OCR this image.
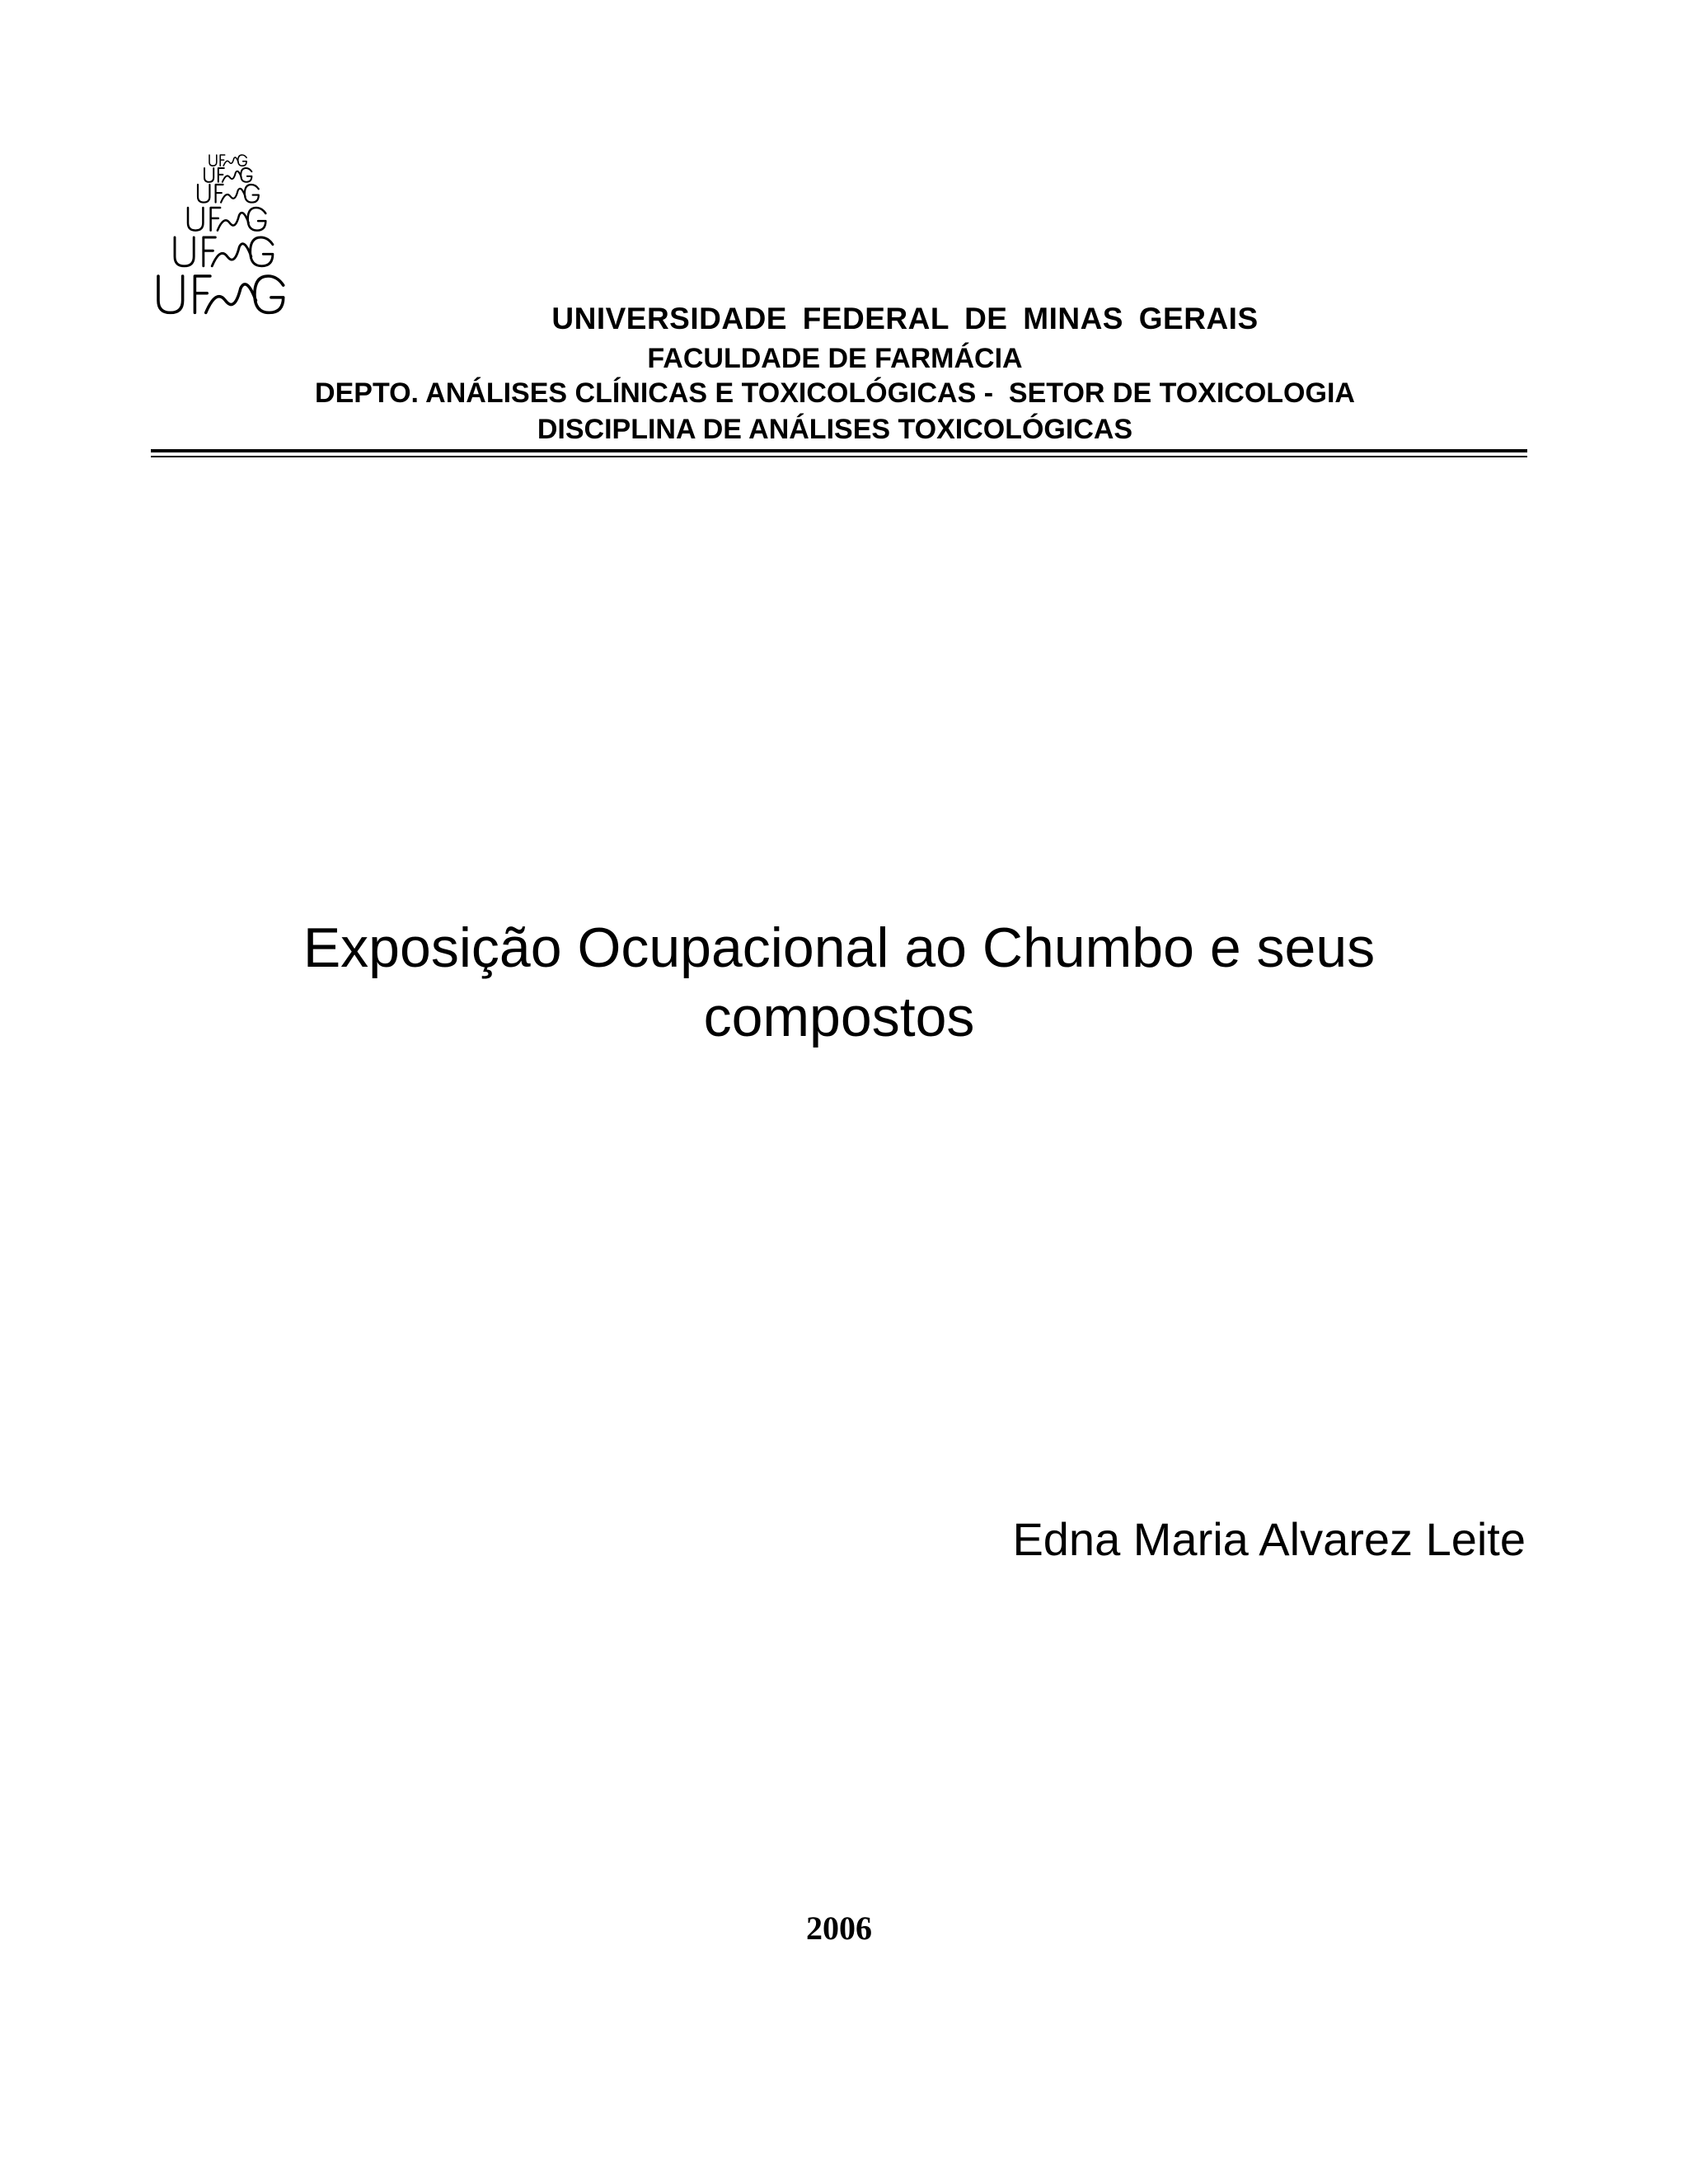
UNIVERSIDADE FEDERAL DE MINAS GERAIS
FACULDADE DE FARMÁCIA
DEPTO. ANÁLISES CLÍNICAS E TOXICOLÓGICAS -  SETOR DE TOXICOLOGIA
DISCIPLINA DE ANÁLISES TOXICOLÓGICAS
Exposição Ocupacional ao Chumbo e seus
compostos
Edna Maria Alvarez Leite
2006
